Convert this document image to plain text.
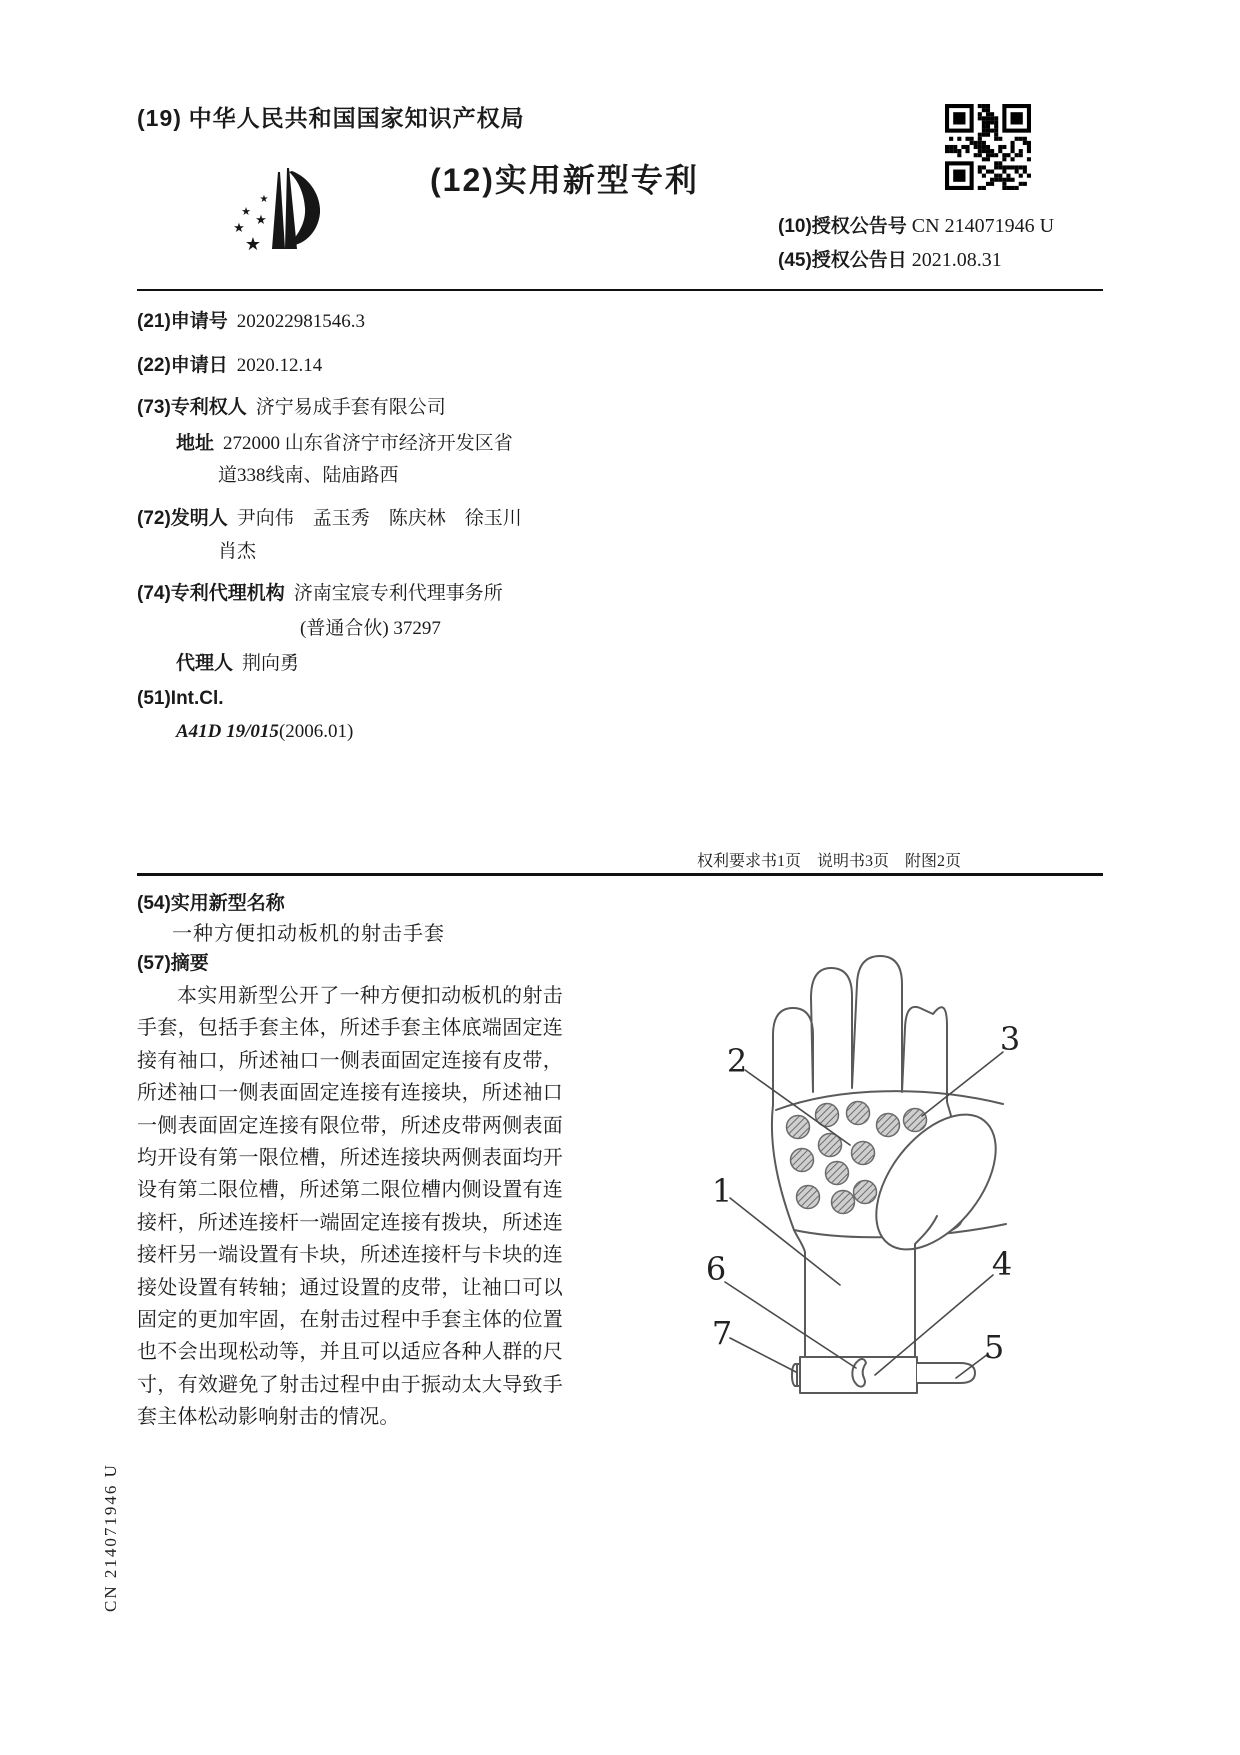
(19) 中华人民共和国国家知识产权局
★
★
★
★
★
(12)实用新型专利
(10)授权公告号 CN 214071946 U
(45)授权公告日 2021.08.31
(21)申请号 202022981546.3
(22)申请日 2020.12.14
(73)专利权人 济宁易成手套有限公司
地址 272000 山东省济宁市经济开发区省
道338线南、陆庙路西
(72)发明人 尹向伟　孟玉秀　陈庆林　徐玉川
肖杰
(74)专利代理机构 济南宝宸专利代理事务所
(普通合伙) 37297
代理人 荆向勇
(51)Int.Cl.
A41D 19/015(2006.01)
权利要求书1页　说明书3页　附图2页
(54)实用新型名称
一种方便扣动板机的射击手套
(57)摘要
本实用新型公开了一种方便扣动板机的射击手套，包括手套主体，所述手套主体底端固定连接有袖口，所述袖口一侧表面固定连接有皮带，所述袖口一侧表面固定连接有连接块，所述袖口一侧表面固定连接有限位带，所述皮带两侧表面均开设有第一限位槽，所述连接块两侧表面均开设有第二限位槽，所述第二限位槽内侧设置有连接杆，所述连接杆一端固定连接有拨块，所述连接杆另一端设置有卡块，所述连接杆与卡块的连接处设置有转轴；通过设置的皮带，让袖口可以固定的更加牢固，在射击过程中手套主体的位置也不会出现松动等，并且可以适应各种人群的尺寸，有效避免了射击过程中由于振动太大导致手套主体松动影响射击的情况。
1
2
3
4
5
6
7
CN 214071946 U
